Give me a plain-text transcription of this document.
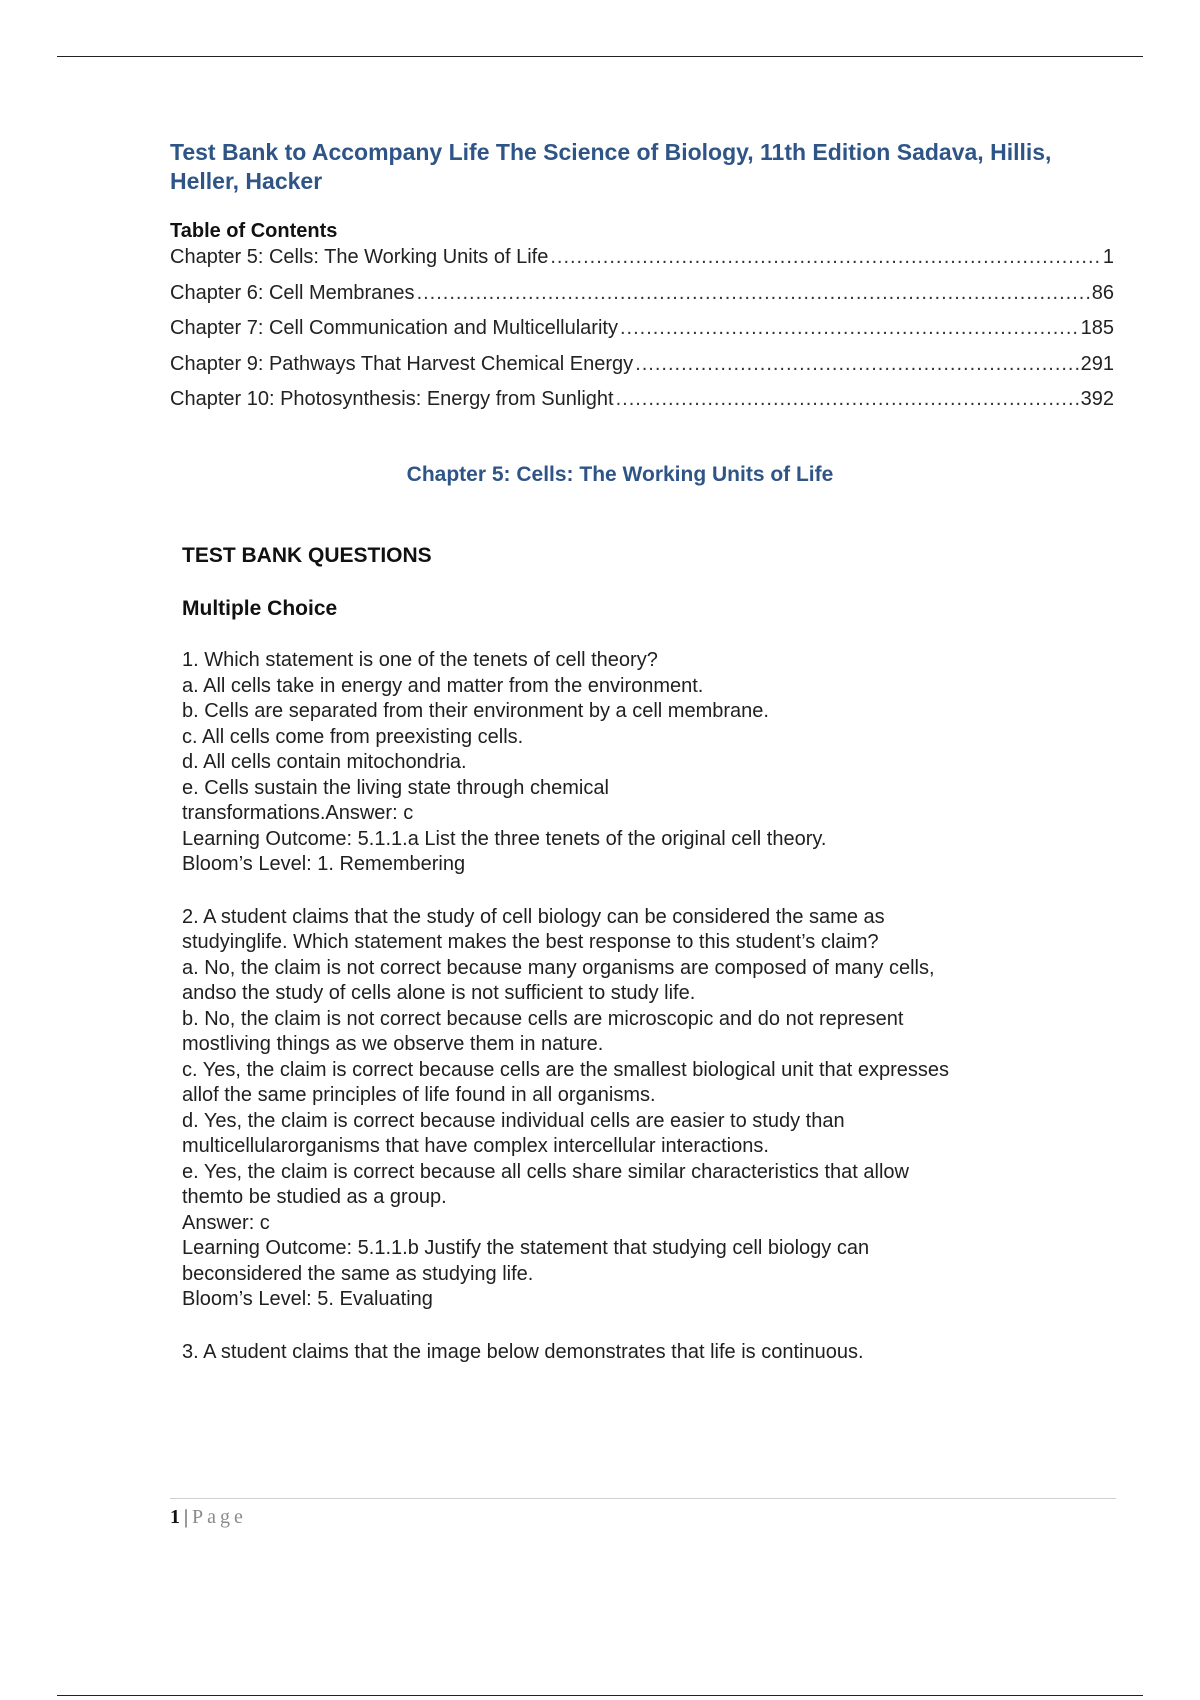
Test Bank to Accompany Life The Science of Biology, 11th Edition Sadava, Hillis, Heller, Hacker
Table of Contents
Chapter 5: Cells: The Working Units of Life .....	1
Chapter 6: Cell Membranes .....	86
Chapter 7: Cell Communication and Multicellularity .....	185
Chapter 9: Pathways That Harvest Chemical Energy .....	291
Chapter 10: Photosynthesis: Energy from Sunlight .....	392
Chapter 5: Cells: The Working Units of Life
TEST BANK QUESTIONS
Multiple Choice
1. Which statement is one of the tenets of cell theory?
a. All cells take in energy and matter from the environment.
b. Cells are separated from their environment by a cell membrane.
c. All cells come from preexisting cells.
d. All cells contain mitochondria.
e. Cells sustain the living state through chemical
transformations.Answer: c
Learning Outcome: 5.1.1.a List the three tenets of the original cell theory.
Bloom’s Level: 1. Remembering
2. A student claims that the study of cell biology can be considered the same as
studyinglife. Which statement makes the best response to this student’s claim?
a. No, the claim is not correct because many organisms are composed of many cells,
andso the study of cells alone is not sufficient to study life.
b. No, the claim is not correct because cells are microscopic and do not represent
mostliving things as we observe them in nature.
c. Yes, the claim is correct because cells are the smallest biological unit that expresses
allof the same principles of life found in all organisms.
d. Yes, the claim is correct because individual cells are easier to study than
multicellularorganisms that have complex intercellular interactions.
e. Yes, the claim is correct because all cells share similar characteristics that allow
themto be studied as a group.
Answer: c
Learning Outcome: 5.1.1.b Justify the statement that studying cell biology can
beconsidered the same as studying life.
Bloom’s Level: 5. Evaluating
3. A student claims that the image below demonstrates that life is continuous.
1 | Page
